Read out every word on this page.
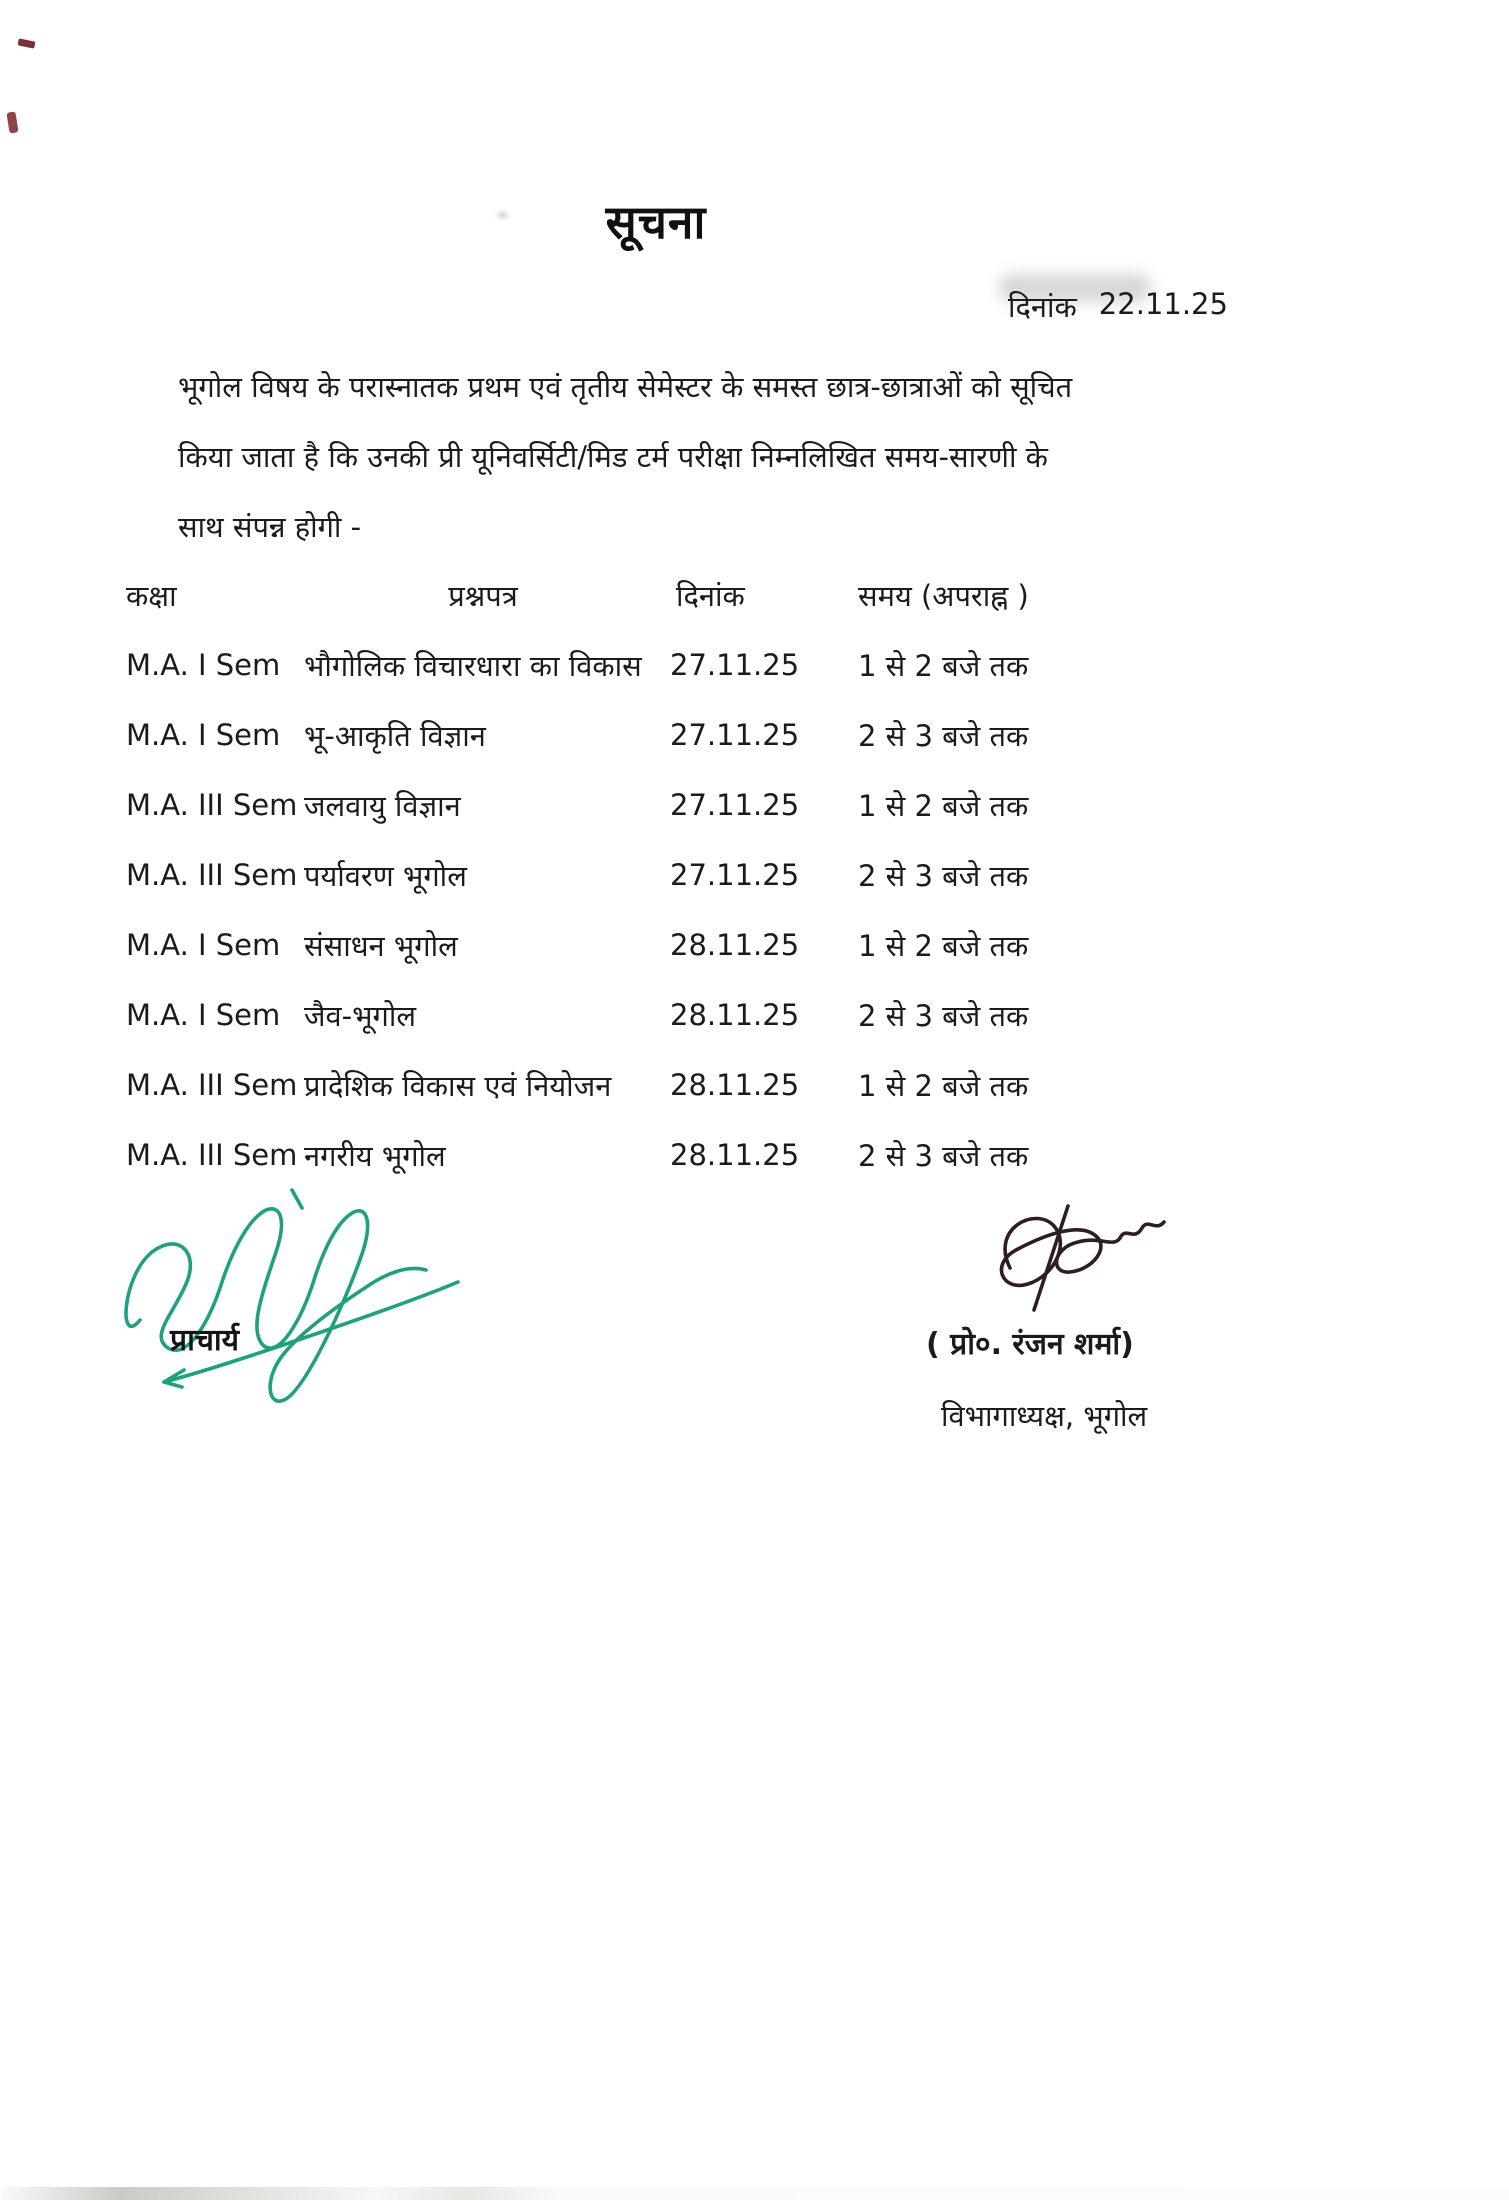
सूचना
दिनांक 22.11.25
भूगोल विषय के परास्नातक प्रथम एवं तृतीय सेमेस्टर के समस्त छात्र-छात्राओं को सूचित
किया जाता है कि उनकी प्री यूनिवर्सिटी/मिड टर्म परीक्षा निम्नलिखित समय-सारणी के
साथ संपन्न होगी -
कक्षा	प्रश्नपत्र	दिनांक	समय (अपराह्न )
M.A. I Sem भौगोलिक विचारधारा का विकास 27.11.25	1 से 2 बजे तक
M.A. I Sem भू-आकृति विज्ञान	27.11.25	2 से 3 बजे तक
M.A. III Sem जलवायु विज्ञान	27.11.25	1 से 2 बजे तक
M.A. III Sem पर्यावरण भूगोल	27.11.25	2 से 3 बजे तक
M.A. I Sem संसाधन भूगोल	28.11.25	1 से 2 बजे तक
M.A. I Sem जैव-भूगोल	28.11.25	2 से 3 बजे तक
M.A. III Sem प्रादेशिक विकास एवं नियोजन	28.11.25	1 से 2 बजे तक
M.A. III Sem नगरीय भूगोल	28.11.25	2 से 3 बजे तक
प्राचार्य	( प्रो०. रंजन शर्मा)
विभागाध्यक्ष, भूगोल
